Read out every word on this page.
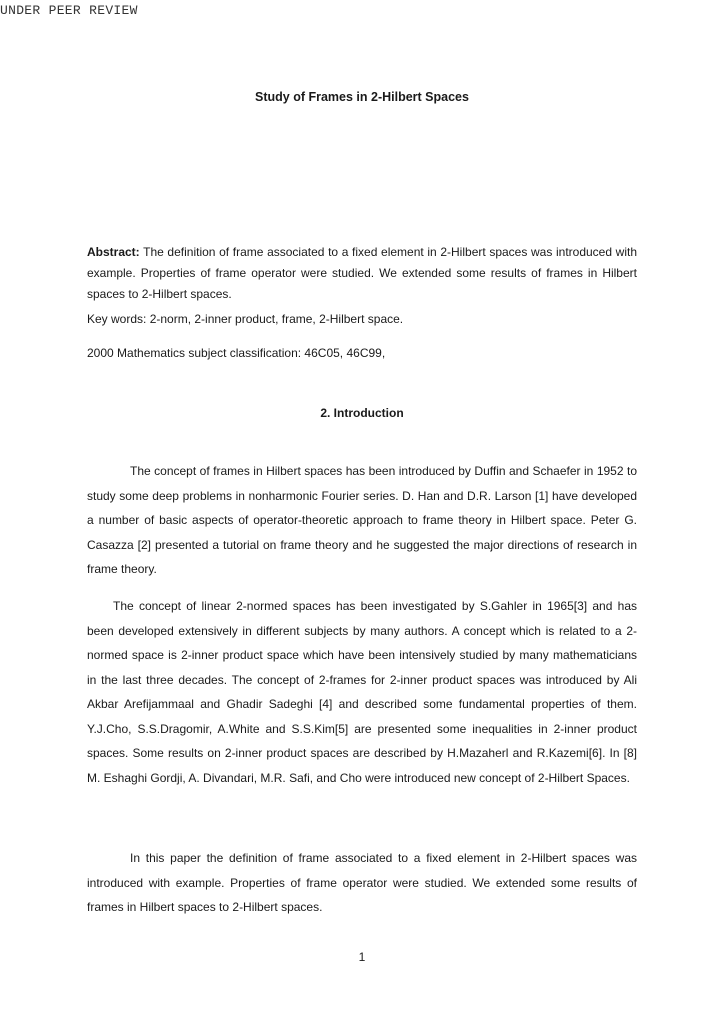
UNDER PEER REVIEW
Study of Frames in 2-Hilbert Spaces
Abstract: The definition of frame associated to a fixed element in 2-Hilbert spaces was introduced with example. Properties of frame operator were studied. We extended some results of frames in Hilbert spaces to 2-Hilbert spaces.
Key words: 2-norm, 2-inner product, frame, 2-Hilbert space.
2000 Mathematics subject classification: 46C05, 46C99,
2. Introduction
The concept of frames in Hilbert spaces has been introduced by Duffin and Schaefer in 1952 to study some deep problems in nonharmonic Fourier series. D. Han and D.R. Larson [1] have developed a number of basic aspects of operator-theoretic approach to frame theory in Hilbert space. Peter G. Casazza [2] presented a tutorial on frame theory and he suggested the major directions of research in frame theory.
The concept of linear 2-normed spaces has been investigated by S.Gahler in 1965[3] and has been developed extensively in different subjects by many authors. A concept which is related to a 2-normed space is 2-inner product space which have been intensively studied by many mathematicians in the last three decades. The concept of 2-frames for 2-inner product spaces was introduced by Ali Akbar Arefijammaal and Ghadir Sadeghi [4] and described some fundamental properties of them. Y.J.Cho, S.S.Dragomir, A.White and S.S.Kim[5] are presented some inequalities in 2-inner product spaces. Some results on 2-inner product spaces are described by H.Mazaherl and R.Kazemi[6]. In [8] M. Eshaghi Gordji, A. Divandari, M.R. Safi, and Cho were introduced new concept of 2-Hilbert Spaces.
In this paper the definition of frame associated to a fixed element in 2-Hilbert spaces was introduced with example. Properties of frame operator were studied. We extended some results of frames in Hilbert spaces to 2-Hilbert spaces.
1
